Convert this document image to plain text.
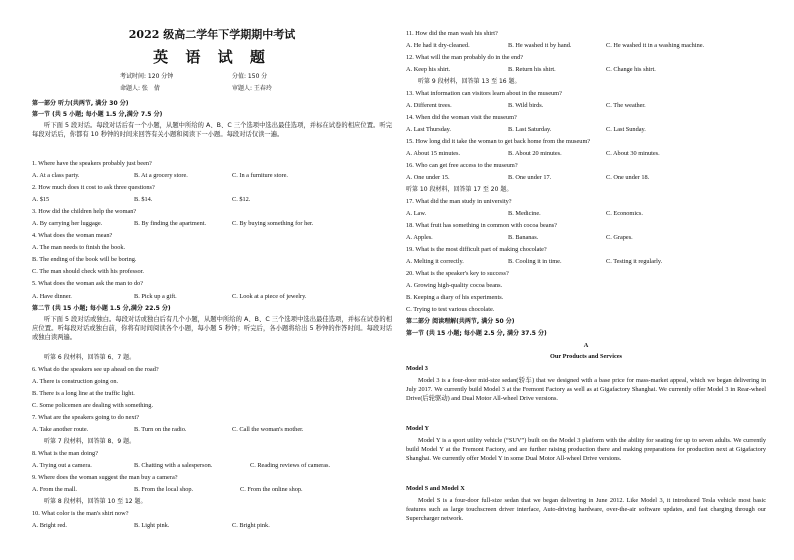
2022 级高二学年下学期期中考试
英 语 试 题
考试时间: 120 分钟	分值: 150 分
命题人: 张　倩	审题人: 王春玲
第一部分 听力(共两节, 满分 30 分)
第一节 (共 5 小题; 每小题 1.5 分,满分 7.5 分)
听下面 5 段对话。每段对话后有一个小题，从题中所给的 A、B、C 三个选项中选出最佳选项，并标在试卷的相应位置。听完每段对话后，你都有 10 秒钟的时间来回答有关小题和阅读下一小题。每段对话仅读一遍。
1. Where have the speakers probably just been?
A. At a class party.	B. At a grocery store.	C. In a furniture store.
2. How much does it cost to ask three questions?
A. $15	B. $14.	C. $12.
3. How did the children help the woman?
A. By carrying her luggage.	B. By finding the apartment.	C. By buying something for her.
4. What does the woman mean?
A. The man needs to finish the book.
B. The ending of the book will be boring.
C. The man should check with his professor.
5. What does the woman ask the man to do?
A. Have dinner.	B. Pick up a gift.	C. Look at a piece of jewelry.
第二节 (共 15 小题; 每小题 1.5 分,满分 22.5 分)
听下面 5 段对话或独白。每段对话或独白后有几个小题，从题中所给的 A、B、C 三个选项中选出最佳选项，并标在试卷的相应位置。听每段对话或独白前，你将有时间阅读各个小题，每小题 5 秒钟；听完后，各小题将给出 5 秒钟的作答时间。每段对话或独白读两遍。
听第 6 段材料，回答第 6、7 题。
6. What do the speakers see up ahead on the road?
A. There is construction going on.
B. There is a long line at the traffic light.
C. Some policemen are dealing with something.
7. What are the speakers going to do next?
A. Take another route.	B. Turn on the radio.	C. Call the woman's mother.
听第 7 段材料，回答第 8、9 题。
8. What is the man doing?
A. Trying out a camera.	B. Chatting with a salesperson.	C. Reading reviews of cameras.
9. Where does the woman suggest the man buy a camera?
A. From the mall.	B. From the local shop.	C. From the online shop.
听第 8 段材料，回答第 10 至 12 题。
10. What color is the man's shirt now?
A. Bright red.	B. Light pink.	C. Bright pink.
11. How did the man wash his shirt?
A. He had it dry-cleaned.	B. He washed it by hand.	C. He washed it in a washing machine.
12. What will the man probably do in the end?
A. Keep his shirt.	B. Return his shirt.	C. Change his shirt.
听第 9 段材料，回答第 13 至 16 题。
13. What information can visitors learn about in the museum?
A. Different trees.	B. Wild birds.	C. The weather.
14. When did the woman visit the museum?
A. Last Thursday.	B. Last Saturday.	C. Last Sunday.
15. How long did it take the woman to get back home from the museum?
A. About 15 minutes.	B. About 20 minutes.	C. About 30 minutes.
16. Who can get free access to the museum?
A. One under 15.	B. One under 17.	C. One under 18.
听第 10 段材料，回答第 17 至 20 题。
17. What did the man study in university?
A. Law.	B. Medicine.	C. Economics.
18. What fruit has something in common with cocoa beans?
A. Apples.	B. Bananas.	C. Grapes.
19. What is the most difficult part of making chocolate?
A. Melting it correctly.	B. Cooling it in time.	C. Testing it regularly.
20. What is the speaker's key to success?
A. Growing high-quality cocoa beans.
B. Keeping a diary of his experiments.
C. Trying to test various chocolate.
第二部分 阅读理解(共两节, 满分 50 分)
第一节 (共 15 小题; 每小题 2.5 分, 满分 37.5 分)
A
Our Products and Services
Model 3
Model 3 is a four-door mid-size sedan(轿车) that we designed with a base price for mass-market appeal, which we began delivering in July 2017. We currently build Model 3 at the Fremont Factory as well as at Gigafactory Shanghai. We currently offer Model 3 in Rear-wheel Drive(后轮驱动) and Dual Motor All-wheel Drive versions.
Model Y
Model Y is a sport utility vehicle (“SUV”) built on the Model 3 platform with the ability for seating for up to seven adults. We currently build Model Y at the Fremont Factory, and are further raising production there and making preparations for production next at Gigafactory Shanghai. We currently offer Model Y in some Dual Motor All-wheel Drive versions.
Model S and Model X
Model S is a four-door full-size sedan that we began delivering in June 2012. Like Model 3, it introduced Tesla vehicle most basic features such as large touchscreen driver interface, Auto-driving hardware, over-the-air software updates, and fast charging through our Supercharger network.
